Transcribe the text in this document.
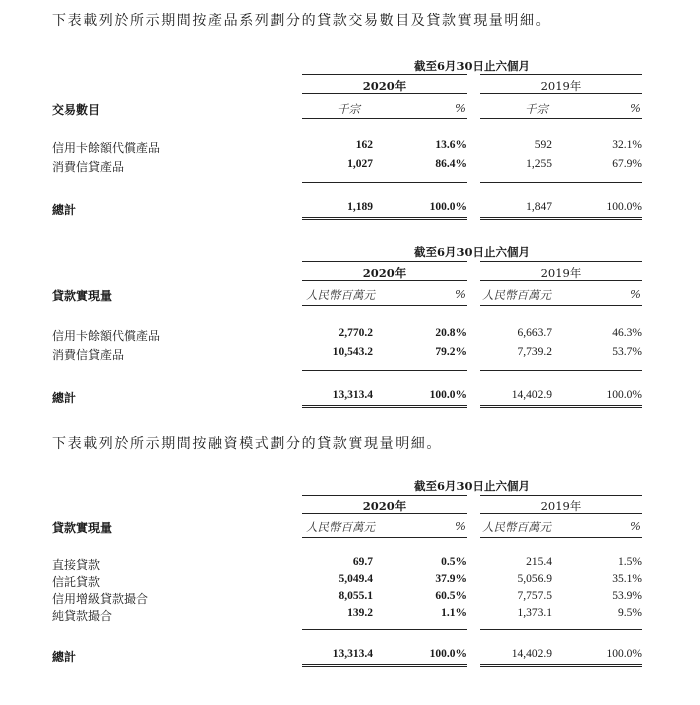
下表載列於所示期間按產品系列劃分的貸款交易數目及貸款實現量明細。
截至6月30日止六個月
2020年	2019年
交易數目	千宗	%	千宗	%
信用卡餘額代償產品	162	13.6%	592	32.1%
消費信貸產品	1,027	86.4%	1,255	67.9%
總計	1,189	100.0%	1,847	100.0%
截至6月30日止六個月
2020年	2019年
貸款實現量	人民幣百萬元	% 人民幣百萬元	%
信用卡餘額代償產品	2,770.2	20.8%	6,663.7	46.3%
消費信貸產品	10,543.2	79.2%	7,739.2	53.7%
總計	13,313.4	100.0%	14,402.9	100.0%
下表載列於所示期間按融資模式劃分的貸款實現量明細。
截至6月30日止六個月
2020年	2019年
貸款實現量	人民幣百萬元	% 人民幣百萬元	%
直接貸款	69.7	0.5%	215.4	1.5%
信託貸款	5,049.4	37.9%	5,056.9	35.1%
信用增級貸款撮合	8,055.1	60.5%	7,757.5	53.9%
純貸款撮合	139.2	1.1%	1,373.1	9.5%
總計	13,313.4	100.0%	14,402.9	100.0%
